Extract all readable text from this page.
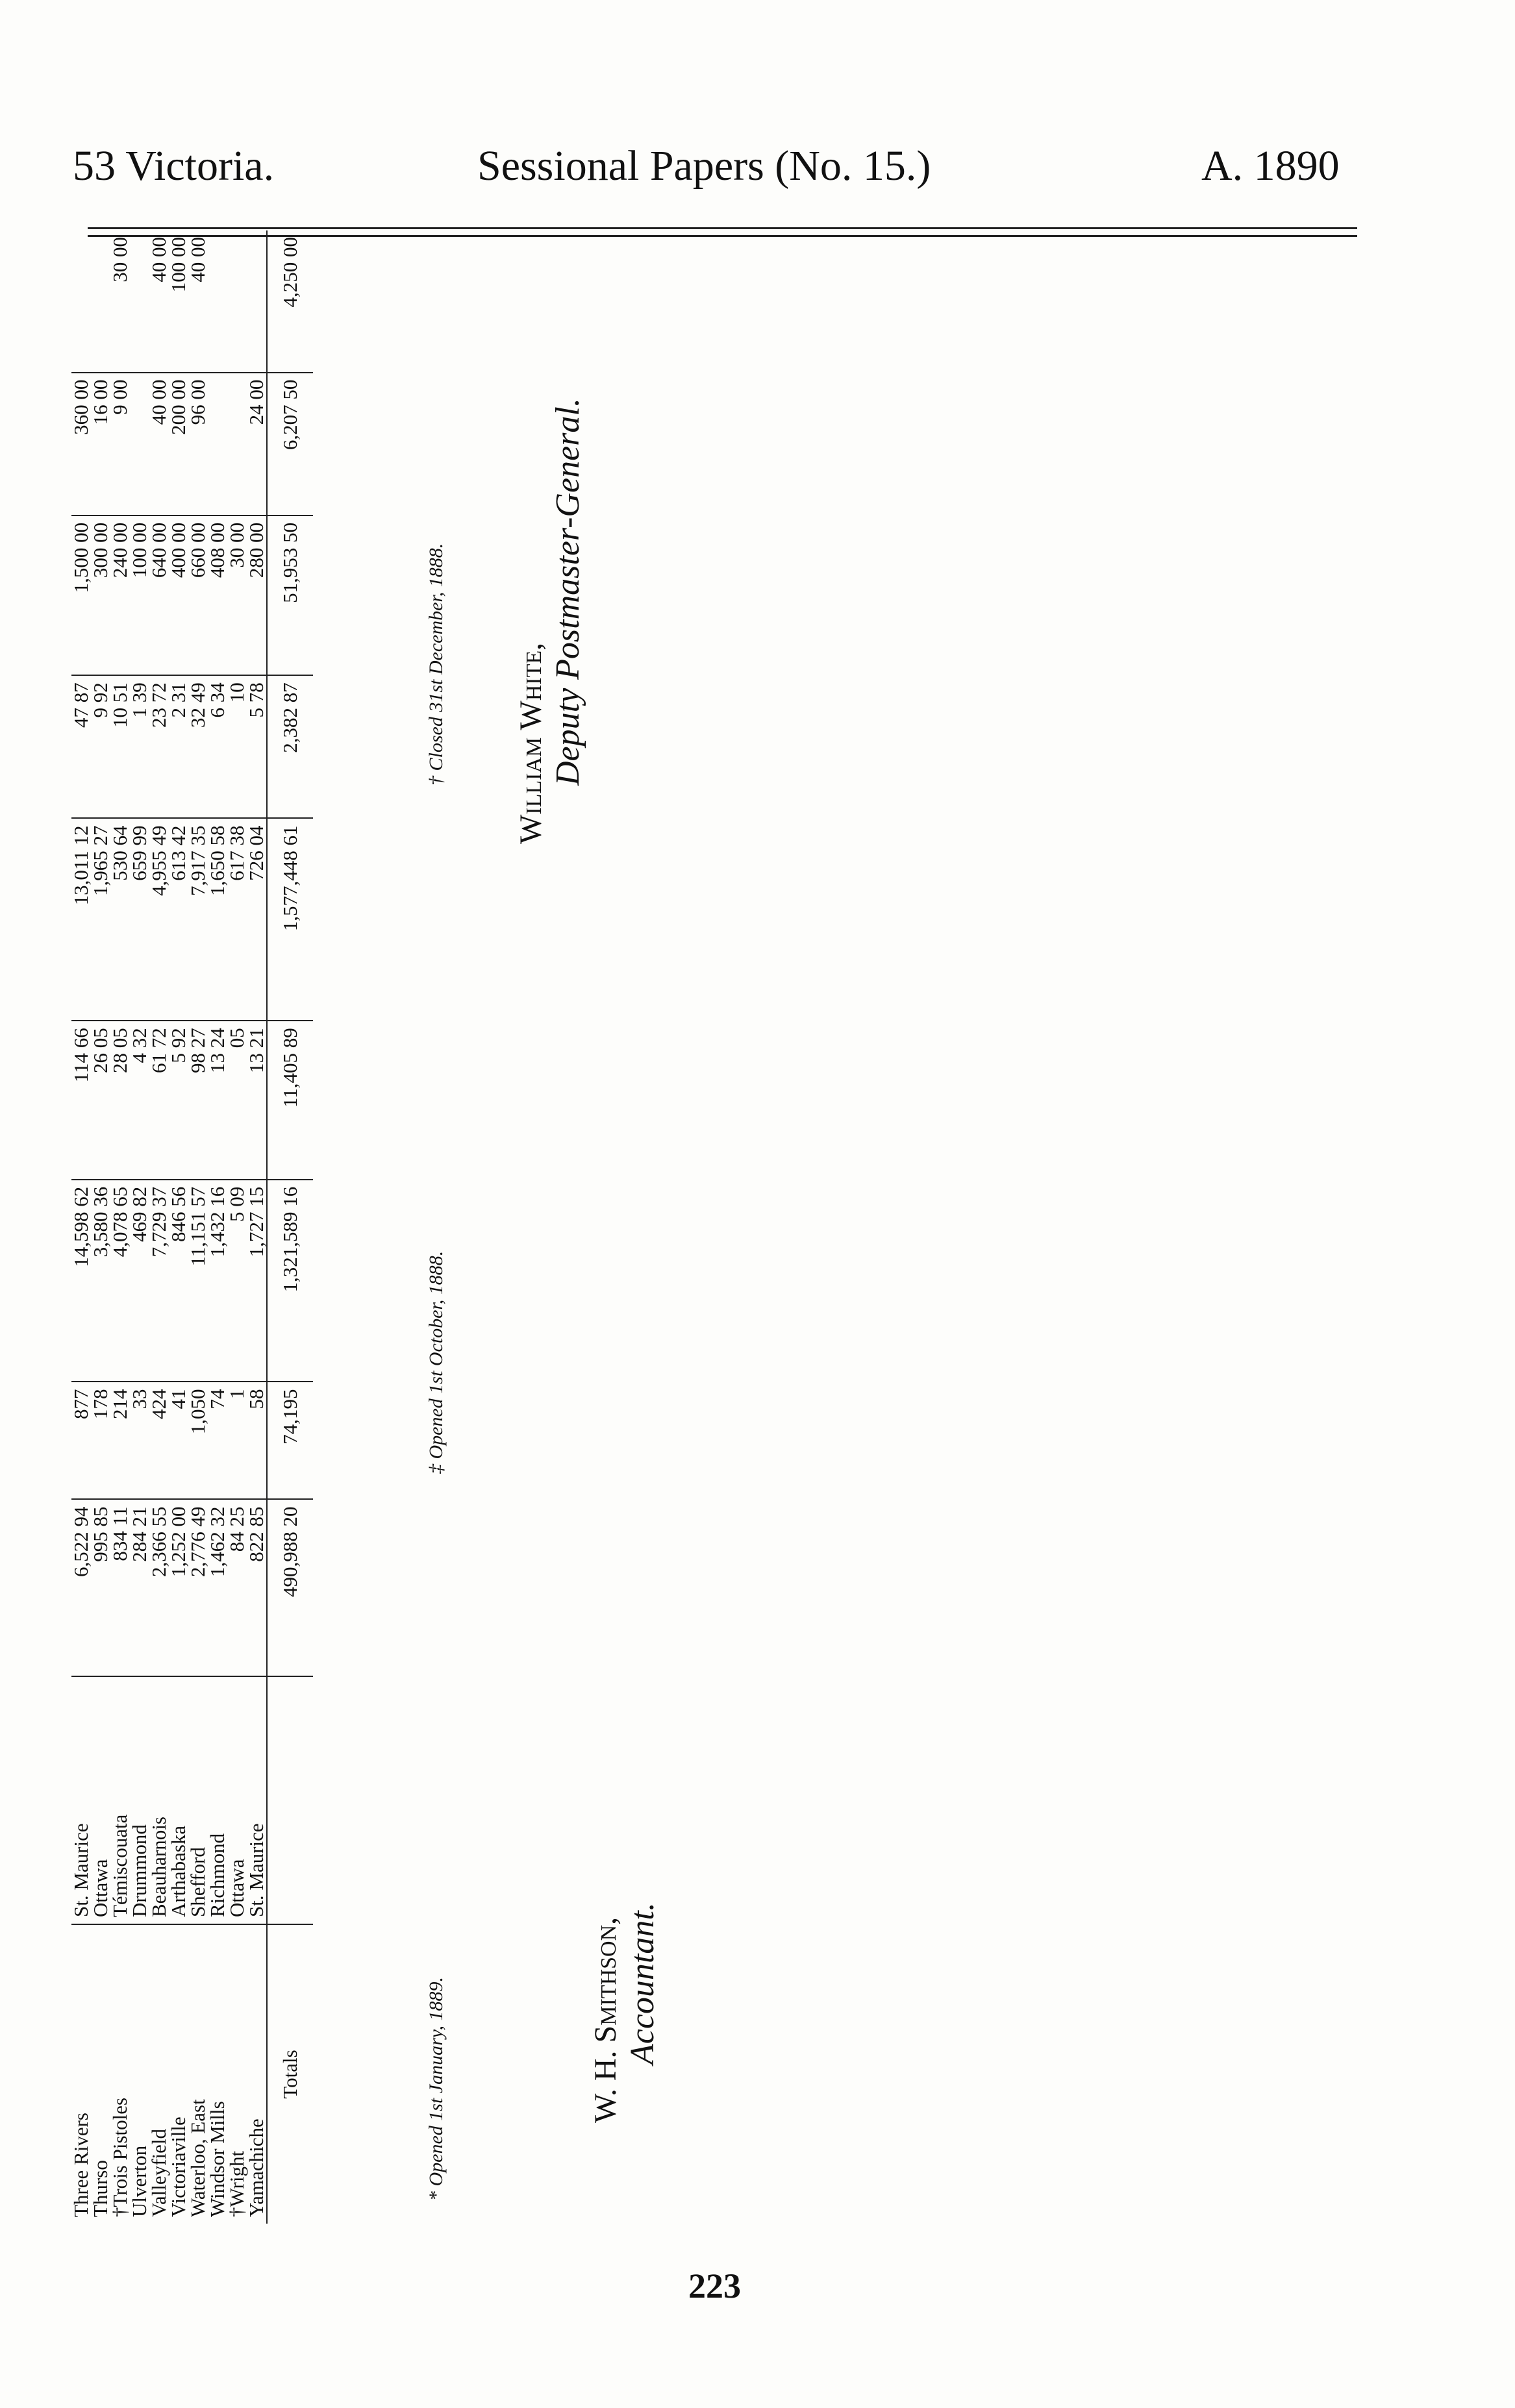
53 Victoria.	Sessional Papers (No. 15.)	A. 1890
Three Rivers	St. Maurice	6,522 94	877	14,598 62	114 66	13,011 12	47 87	1,500 00	360 00	
Thurso	Ottawa	995 85	178	3,580 36	26 05	1,965 27	9 92	300 00	16 00	
†Trois Pistoles	Témiscouata	834 11	214	4,078 65	28 05	530 64	10 51	240 00	9 00	30 00
Ulverton	Drummond	284 21	33	469 82	4 32	659 99	1 39	100 00		
Valleyfield	Beauharnois	2,366 55	424	7,729 37	61 72	4,955 49	23 72	640 00	40 00	40 00
Victoriaville	Arthabaska	1,252 00	41	846 56	5 92	613 42	2 31	400 00	200 00	100 00
Waterloo, East	Shefford	2,776 49	1,050	11,151 57	98 27	7,917 35	32 49	660 00	96 00	40 00
Windsor Mills	Richmond	1,462 32	74	1,432 16	13 24	1,650 58	6 34	408 00		
†Wright	Ottawa	84 25	1	5 09	05	617 38	10	30 00		
Yamachiche	St. Maurice	822 85	58	1,727 15	13 21	726 04	5 78	280 00	24 00	
Totals		490,988 20	74,195	1,321,589 16	11,405 89	1,577,448 61	2,382 87	51,953 50	6,207 50	4,250 00
* Opened 1st January, 1889.
‡ Opened 1st October, 1888.
† Closed 31st December, 1888.
W. H. Smithson, Accountant.
William White, Deputy Postmaster-General.
223
